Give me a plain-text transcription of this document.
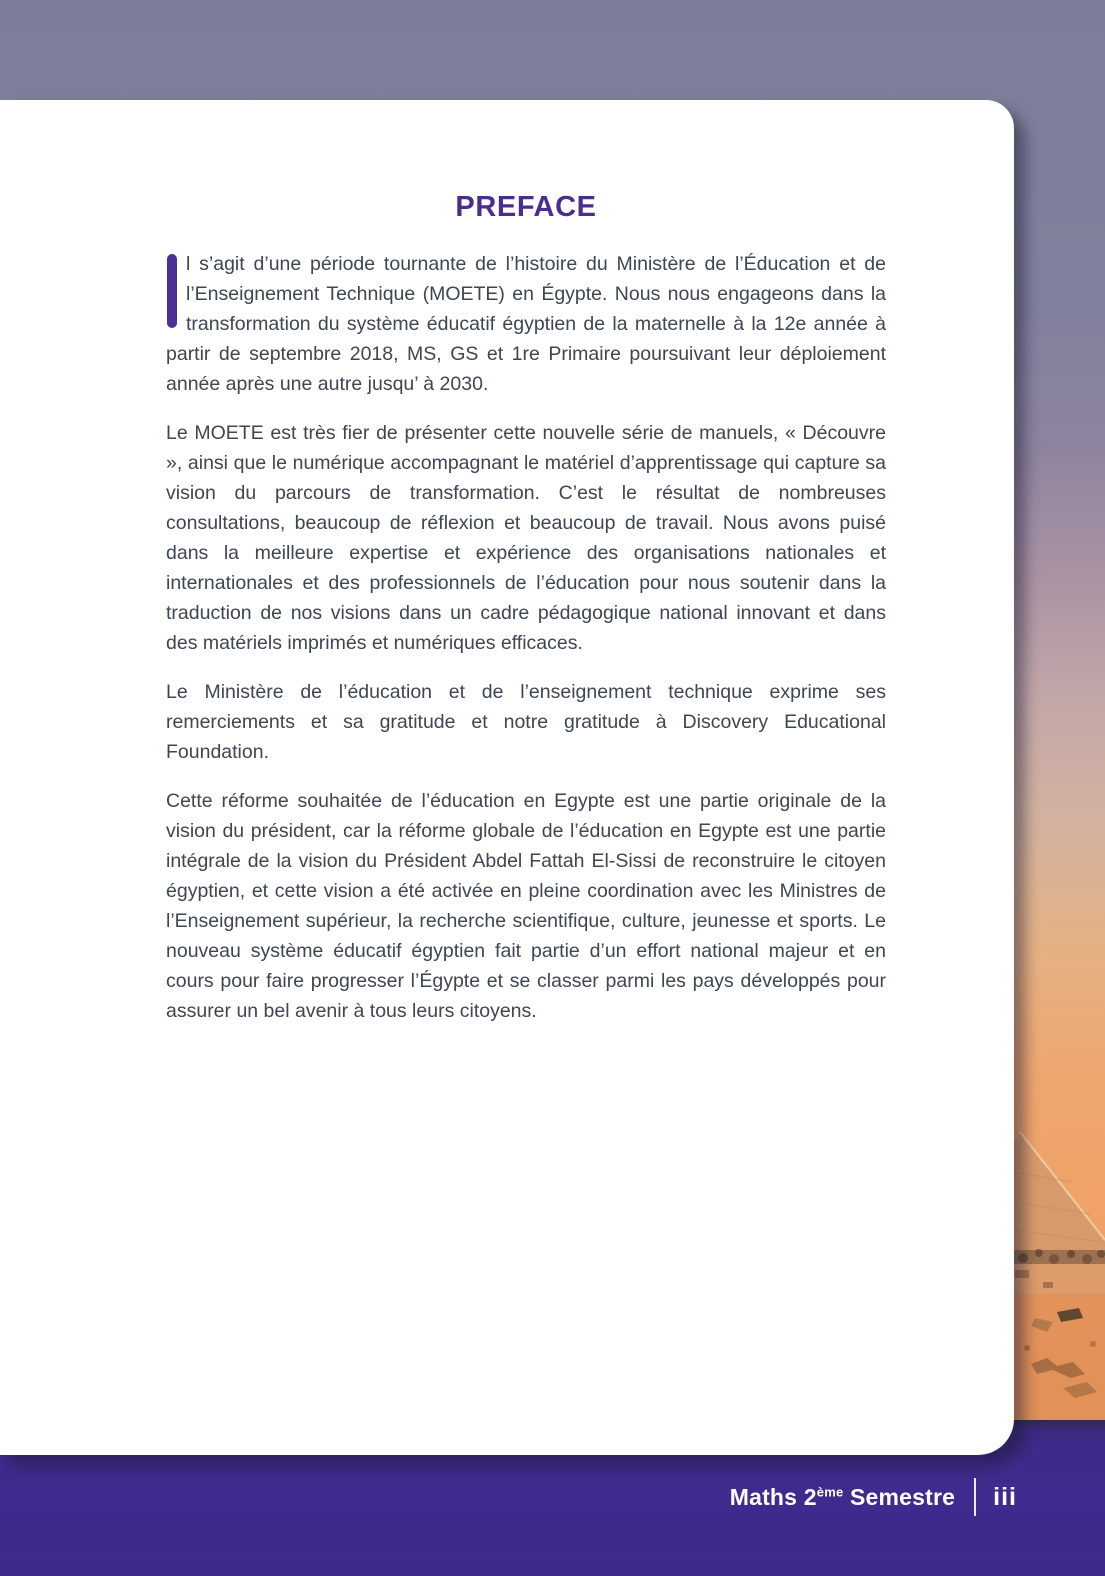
Maths 2ème Semestre iii
PREFACE

l s’agit d’une période tournante de l’histoire du Ministère de l’Éducation et de l’Enseignement Technique (MOETE) en Égypte. Nous nous engageons dans la transformation du système éducatif égyptien de la maternelle à la 12e année à partir de septembre 2018, MS, GS et 1re Primaire poursuivant leur déploiement année après une autre jusqu’ à 2030.

Le MOETE est très fier de présenter cette nouvelle série de manuels, « Découvre », ainsi que le numérique accompagnant le matériel d’apprentissage qui capture sa vision du parcours de transformation. C’est le résultat de nombreuses consultations, beaucoup de réflexion et beaucoup de travail. Nous avons puisé dans la meilleure expertise et expérience des organisations nationales et internationales et des professionnels de l’éducation pour nous soutenir dans la traduction de nos visions dans un cadre pédagogique national innovant et dans des matériels imprimés et numériques efficaces.

Le Ministère de l’éducation et de l’enseignement technique exprime ses remerciements et sa gratitude et notre gratitude à Discovery Educational Foundation.

Cette réforme souhaitée de l’éducation en Egypte est une partie originale de la vision du président, car la réforme globale de l’éducation en Egypte est une partie intégrale de la vision du Président Abdel Fattah El-Sissi de reconstruire le citoyen égyptien, et cette vision a été activée en pleine coordination avec les Ministres de l’Enseignement supérieur, la recherche scientifique, culture, jeunesse et sports. Le nouveau système éducatif égyptien fait partie d’un effort national majeur et en cours pour faire progresser l’Égypte et se classer parmi les pays développés pour assurer un bel avenir à tous leurs citoyens.
